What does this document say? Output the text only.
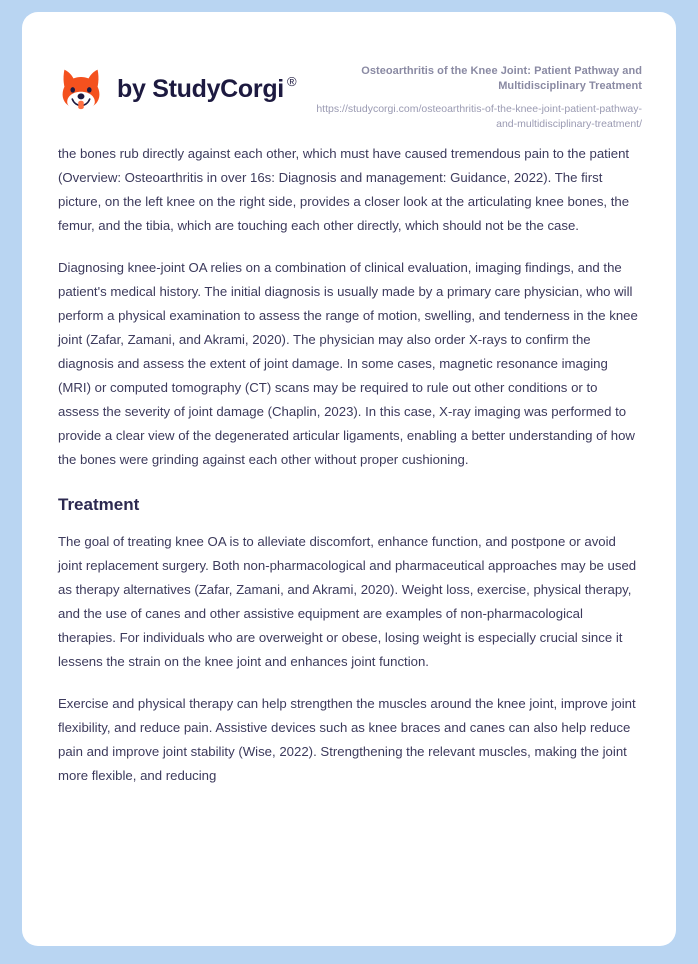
by StudyCorgi ®

Osteoarthritis of the Knee Joint: Patient Pathway and Multidisciplinary Treatment

https://studycorgi.com/osteoarthritis-of-the-knee-joint-patient-pathway-and-multidisciplinary-treatment/

the bones rub directly against each other, which must have caused tremendous pain to the patient (Overview: Osteoarthritis in over 16s: Diagnosis and management: Guidance, 2022). The first picture, on the left knee on the right side, provides a closer look at the articulating knee bones, the femur, and the tibia, which are touching each other directly, which should not be the case.

Diagnosing knee-joint OA relies on a combination of clinical evaluation, imaging findings, and the patient's medical history. The initial diagnosis is usually made by a primary care physician, who will perform a physical examination to assess the range of motion, swelling, and tenderness in the knee joint (Zafar, Zamani, and Akrami, 2020). The physician may also order X-rays to confirm the diagnosis and assess the extent of joint damage. In some cases, magnetic resonance imaging (MRI) or computed tomography (CT) scans may be required to rule out other conditions or to assess the severity of joint damage (Chaplin, 2023). In this case, X-ray imaging was performed to provide a clear view of the degenerated articular ligaments, enabling a better understanding of how the bones were grinding against each other without proper cushioning.

Treatment

The goal of treating knee OA is to alleviate discomfort, enhance function, and postpone or avoid joint replacement surgery. Both non-pharmacological and pharmaceutical approaches may be used as therapy alternatives (Zafar, Zamani, and Akrami, 2020). Weight loss, exercise, physical therapy, and the use of canes and other assistive equipment are examples of non-pharmacological therapies. For individuals who are overweight or obese, losing weight is especially crucial since it lessens the strain on the knee joint and enhances joint function.

Exercise and physical therapy can help strengthen the muscles around the knee joint, improve joint flexibility, and reduce pain. Assistive devices such as knee braces and canes can also help reduce pain and improve joint stability (Wise, 2022). Strengthening the relevant muscles, making the joint more flexible, and reducing
